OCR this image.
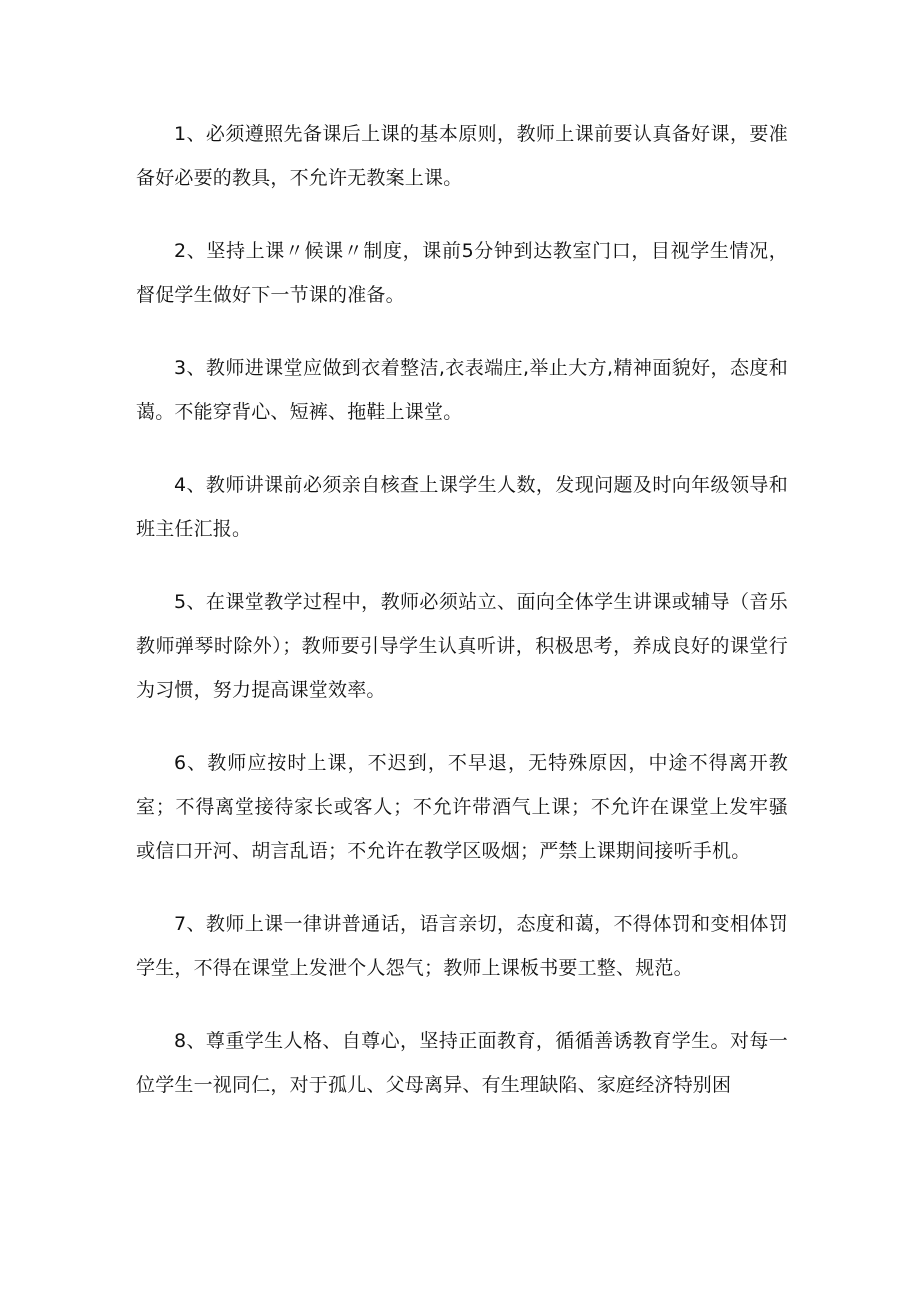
1、必须遵照先备课后上课的基本原则，教师上课前要认真备好课，要准备好必要的教具，不允许无教案上课。

2、坚持上课〃候课〃制度，课前5分钟到达教室门口，目视学生情况，督促学生做好下一节课的准备。

3、教师进课堂应做到衣着整洁,衣表端庄,举止大方,精神面貌好，态度和蔼。不能穿背心、短裤、拖鞋上课堂。

4、教师讲课前必须亲自核查上课学生人数，发现问题及时向年级领导和班主任汇报。

5、在课堂教学过程中，教师必须站立、面向全体学生讲课或辅导（音乐教师弹琴时除外）；教师要引导学生认真听讲，积极思考，养成良好的课堂行为习惯，努力提高课堂效率。

6、教师应按时上课，不迟到，不早退，无特殊原因，中途不得离开教室；不得离堂接待家长或客人；不允许带酒气上课；不允许在课堂上发牢骚或信口开河、胡言乱语；不允许在教学区吸烟；严禁上课期间接听手机。

7、教师上课一律讲普通话，语言亲切，态度和蔼，不得体罚和变相体罚学生，不得在课堂上发泄个人怨气；教师上课板书要工整、规范。

8、尊重学生人格、自尊心，坚持正面教育，循循善诱教育学生。对每一位学生一视同仁，对于孤儿、父母离异、有生理缺陷、家庭经济特别困
